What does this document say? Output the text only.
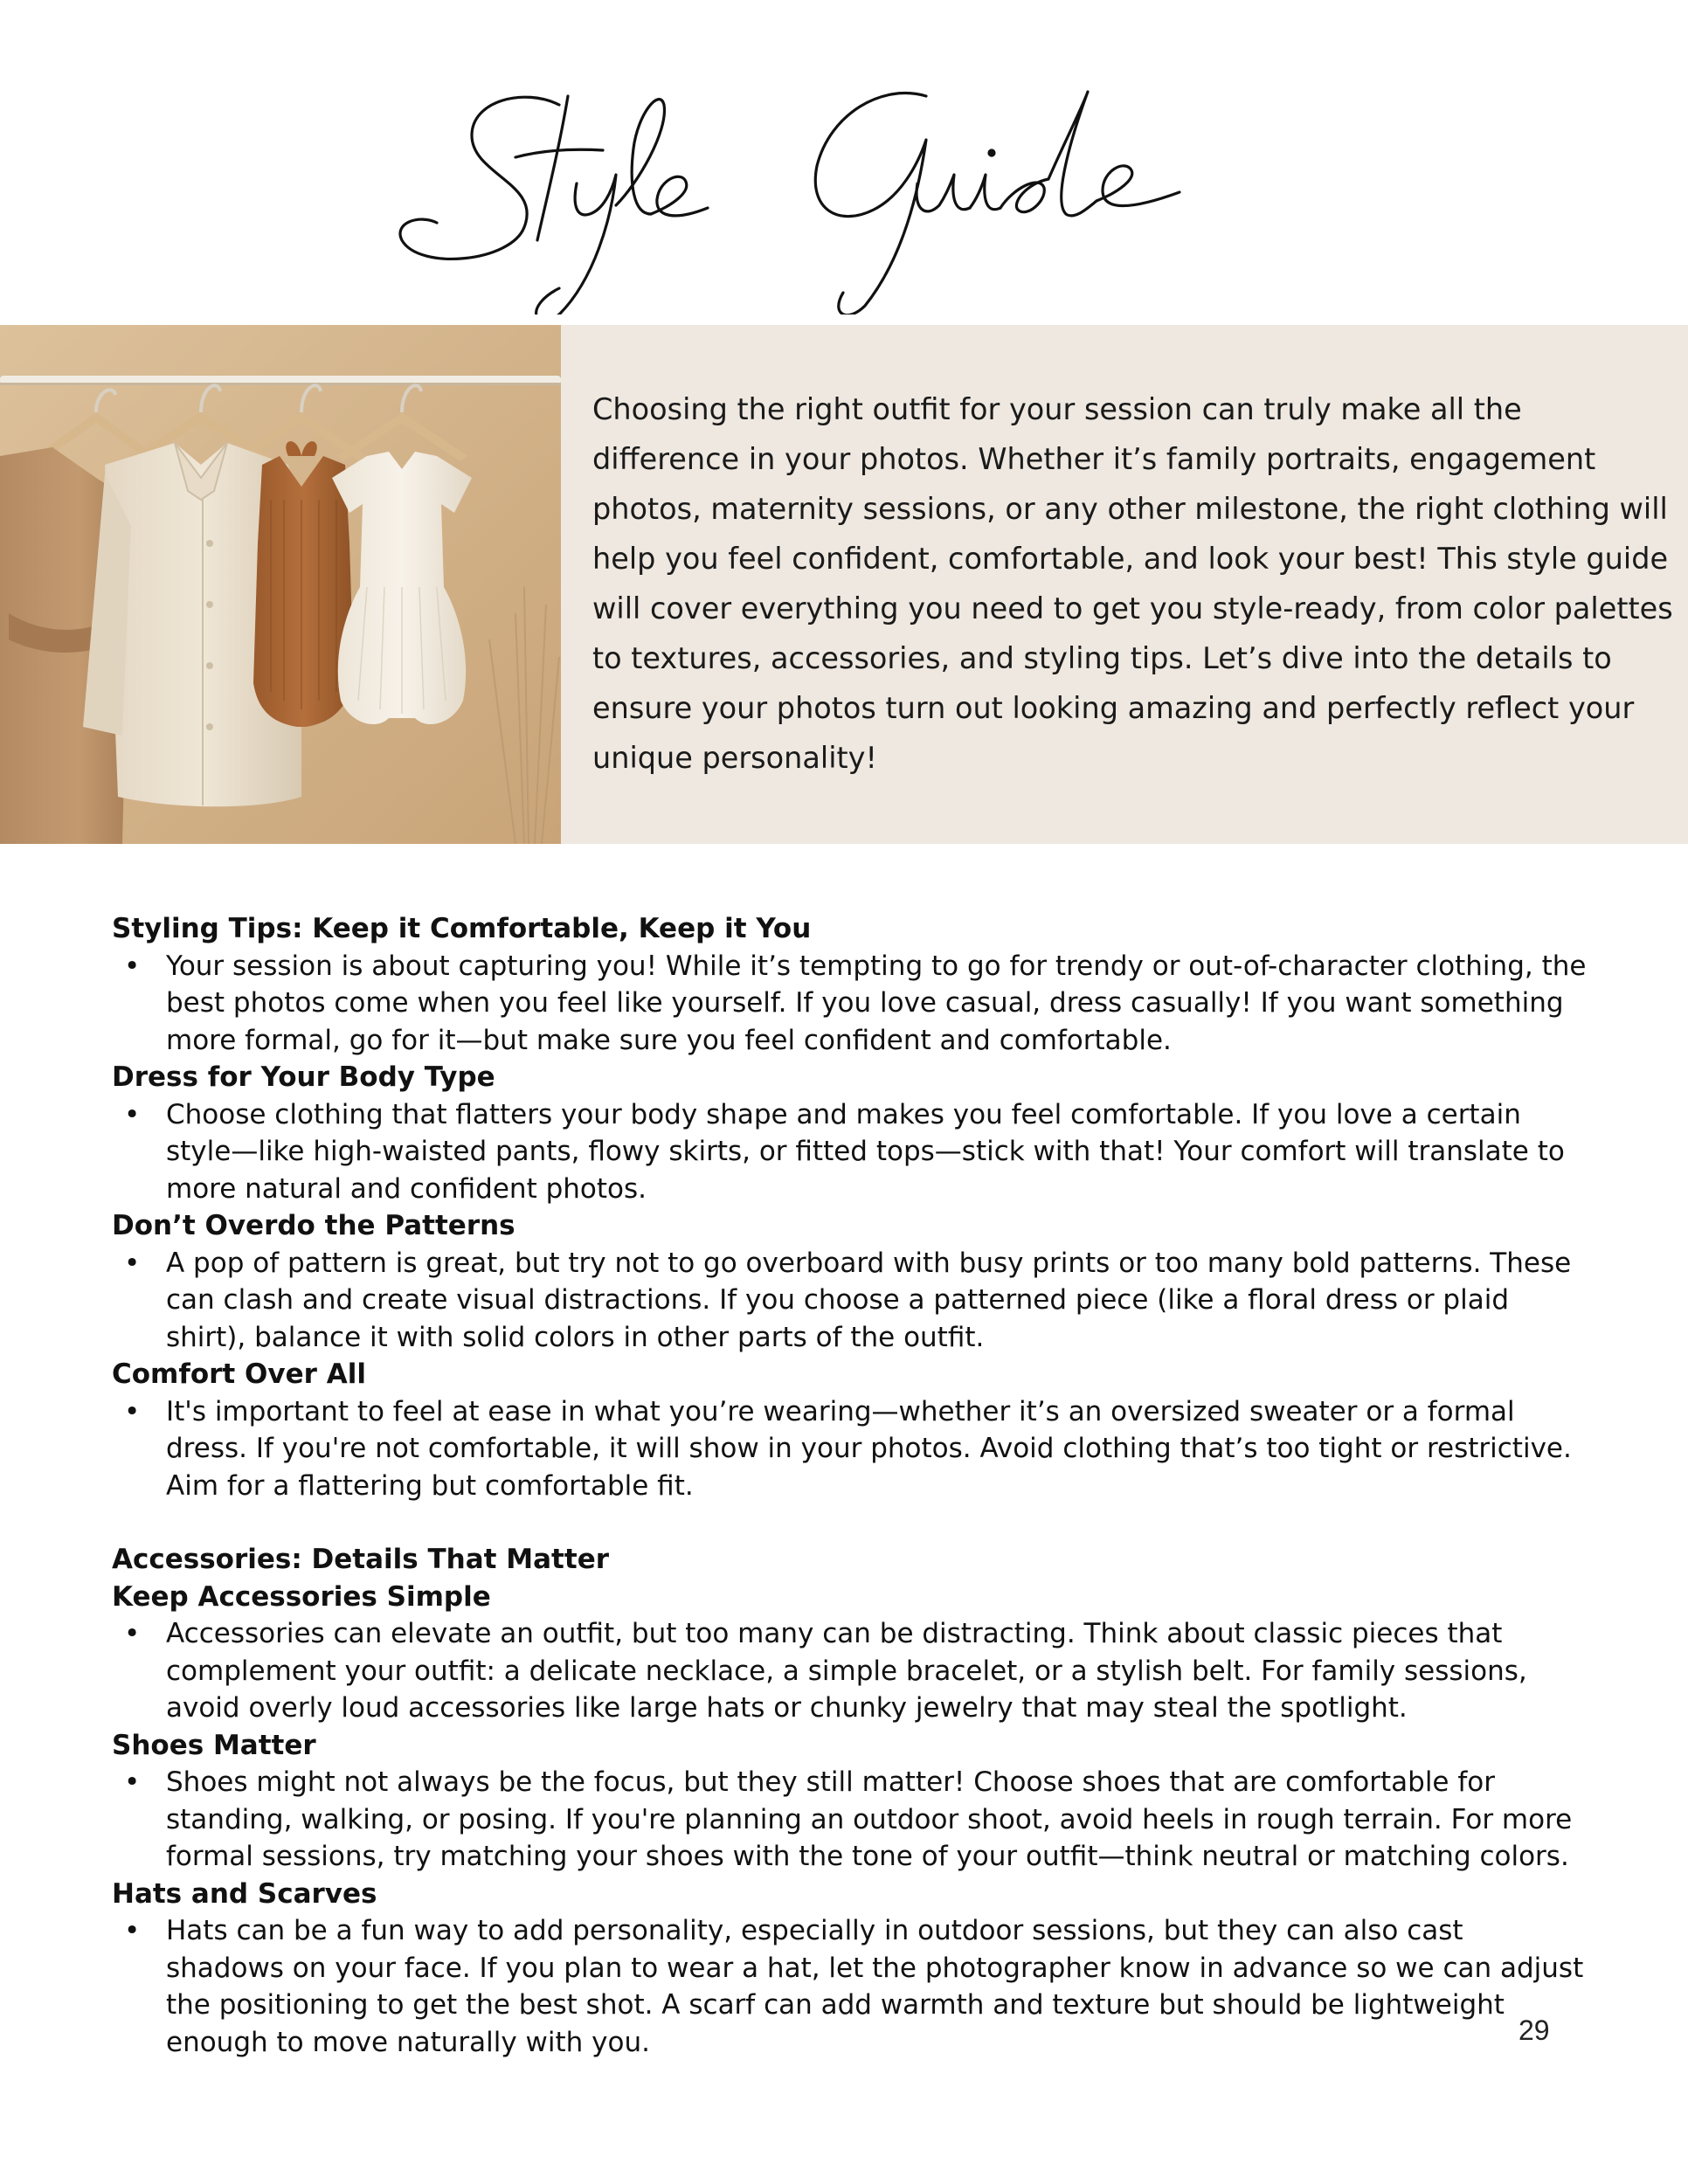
Choosing the right outfit for your session can truly make all the difference in your photos. Whether it’s family portraits, engagement photos, maternity sessions, or any other milestone, the right clothing will help you feel confident, comfortable, and look your best! This style guide will cover everything you need to get you style-ready, from color palettes to textures, accessories, and styling tips. Let’s dive into the details to ensure your photos turn out looking amazing and perfectly reflect your unique personality!

Styling Tips: Keep it Comfortable, Keep it You

• Your session is about capturing you! While it’s tempting to go for trendy or out-of-character clothing, the best photos come when you feel like yourself. If you love casual, dress casually! If you want something more formal, go for it—but make sure you feel confident and comfortable.

Dress for Your Body Type

• Choose clothing that flatters your body shape and makes you feel comfortable. If you love a certain style—like high-waisted pants, flowy skirts, or fitted tops—stick with that! Your comfort will translate to more natural and confident photos.

Don’t Overdo the Patterns

• A pop of pattern is great, but try not to go overboard with busy prints or too many bold patterns. These can clash and create visual distractions. If you choose a patterned piece (like a floral dress or plaid shirt), balance it with solid colors in other parts of the outfit.

Comfort Over All

• It's important to feel at ease in what you’re wearing—whether it’s an oversized sweater or a formal dress. If you're not comfortable, it will show in your photos. Avoid clothing that’s too tight or restrictive. Aim for a flattering but comfortable fit.

Accessories: Details That Matter

Keep Accessories Simple

• Accessories can elevate an outfit, but too many can be distracting. Think about classic pieces that complement your outfit: a delicate necklace, a simple bracelet, or a stylish belt. For family sessions, avoid overly loud accessories like large hats or chunky jewelry that may steal the spotlight.

Shoes Matter

• Shoes might not always be the focus, but they still matter! Choose shoes that are comfortable for standing, walking, or posing. If you're planning an outdoor shoot, avoid heels in rough terrain. For more formal sessions, try matching your shoes with the tone of your outfit—think neutral or matching colors.

Hats and Scarves

• Hats can be a fun way to add personality, especially in outdoor sessions, but they can also cast shadows on your face. If you plan to wear a hat, let the photographer know in advance so we can adjust the positioning to get the best shot. A scarf can add warmth and texture but should be lightweight enough to move naturally with you.	29
